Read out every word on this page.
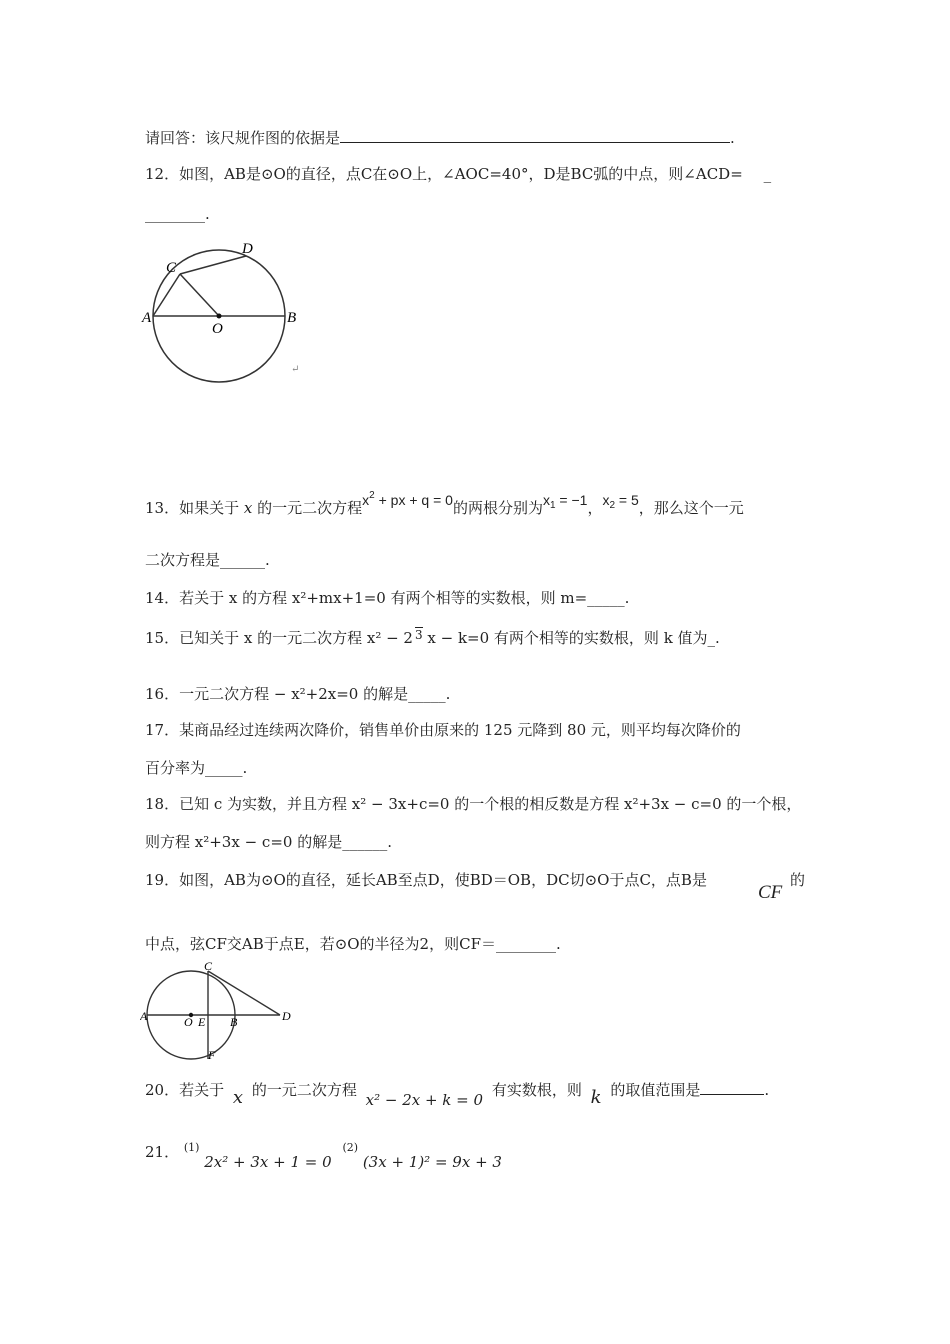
请回答：该尺规作图的依据是	.
12．如图，AB是⊙O的直径，点C在⊙O上，∠AOC=40°，D是BC弧的中点，则∠ACD= _
________.
A	B
C
D
O
↵
13．如果关于 x 的一元二次方程$x^2$ + px + q = 0的两根分别为$x_1 = -1$，$x_2 = 5$，那么这个一元
二次方程是______.
14．若关于 x 的方程 x²+mx+1=0 有两个相等的实数根，则 m=_____.
15．已知关于 x 的一元二次方程 x² − 2 $^3$ x − k=0 有两个相等的实数根，则 k 值为_.
16．一元二次方程 − x²+2x=0 的解是_____.
17．某商品经过连续两次降价，销售单价由原来的 125 元降到 80 元，则平均每次降价的
百分率为_____.
18．已知 c 为实数，并且方程 x² − 3x+c=0 的一个根的相反数是方程 x²+3x − c=0 的一个根，
则方程 x²+3x − c=0 的解是______.
19．如图，AB为⊙O的直径，延长AB至点D，使BD＝OB，DC切⊙O于点C，点B是
CF
的
中点，弦CF交AB于点E，若⊙O的半径为2，则CF＝________.
A	B
C
D
E
F
O
20．若关于 x 的一元二次方程 x² − 2x + k = 0 有实数根，则 k 的取值范围是	.
21． $^{(1)}$ 2x² + 3x + 1 = 0 $^{(2)}$ (3x + 1)² = 9x + 3
